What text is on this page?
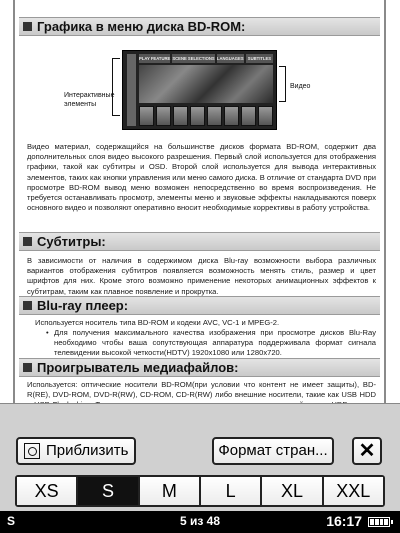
Графика в меню диска BD-ROM:
PLAY FEATURE SCENE SELECTIONS LANGUAGES SUBTITLES
Интерактивные элементы
Видео
Видео материал, содержащийся на большинстве дисков формата BD-ROM, содержит два дополнительных слоя видео высокого разрешения. Первый слой используется для отображения графики, такой как субтитры и OSD. Второй слой используется для вывода интерактивных элементов, таких как кнопки управления или меню самого диска. В отличие от стандарта DVD при просмотре BD-ROM вывод меню возможен непосредственно во время воспроизведения. Не требуется останавливать просмотр, элементы меню и звуковые эффекты накладываются поверх основного видео и позволяют оперативно вносит необходимые коррективы в работу устройства.
Субтитры:
В зависимости от наличия в содержимом диска Blu-ray возможности выбора различных вариантов отображения субтитров появляется возможность менять стиль, размер и цвет шрифтов для них. Кроме этого возможно применение некоторых анимационных эффектов к субтитрам, таким как плавное появление и прокрутка.
Blu-ray плеер:
Используется носитель типа BD-ROM и кодеки AVC, VC-1 и MPEG-2.
• Для получения максимального качества изображения при просмотре дисков Blu-Ray необходимо чтобы ваша сопутствующая аппаратура поддерживала формат сигнала телевидении высокой четкости(HDTV) 1920x1080 или 1280x720.
Проигрыватель медиафайлов:
Используется: оптические носители BD-ROM(при условии что контент не имеет защиты), BD-R(RE), DVD-ROM, DVD-R(RW), CD-ROM, CD-R(RW) либо внешние носители, такие как USB HDD
Приблизить	Формат стран...	✕
XS	S	M	L	XL	XXL
S	5 из 48	16:17
